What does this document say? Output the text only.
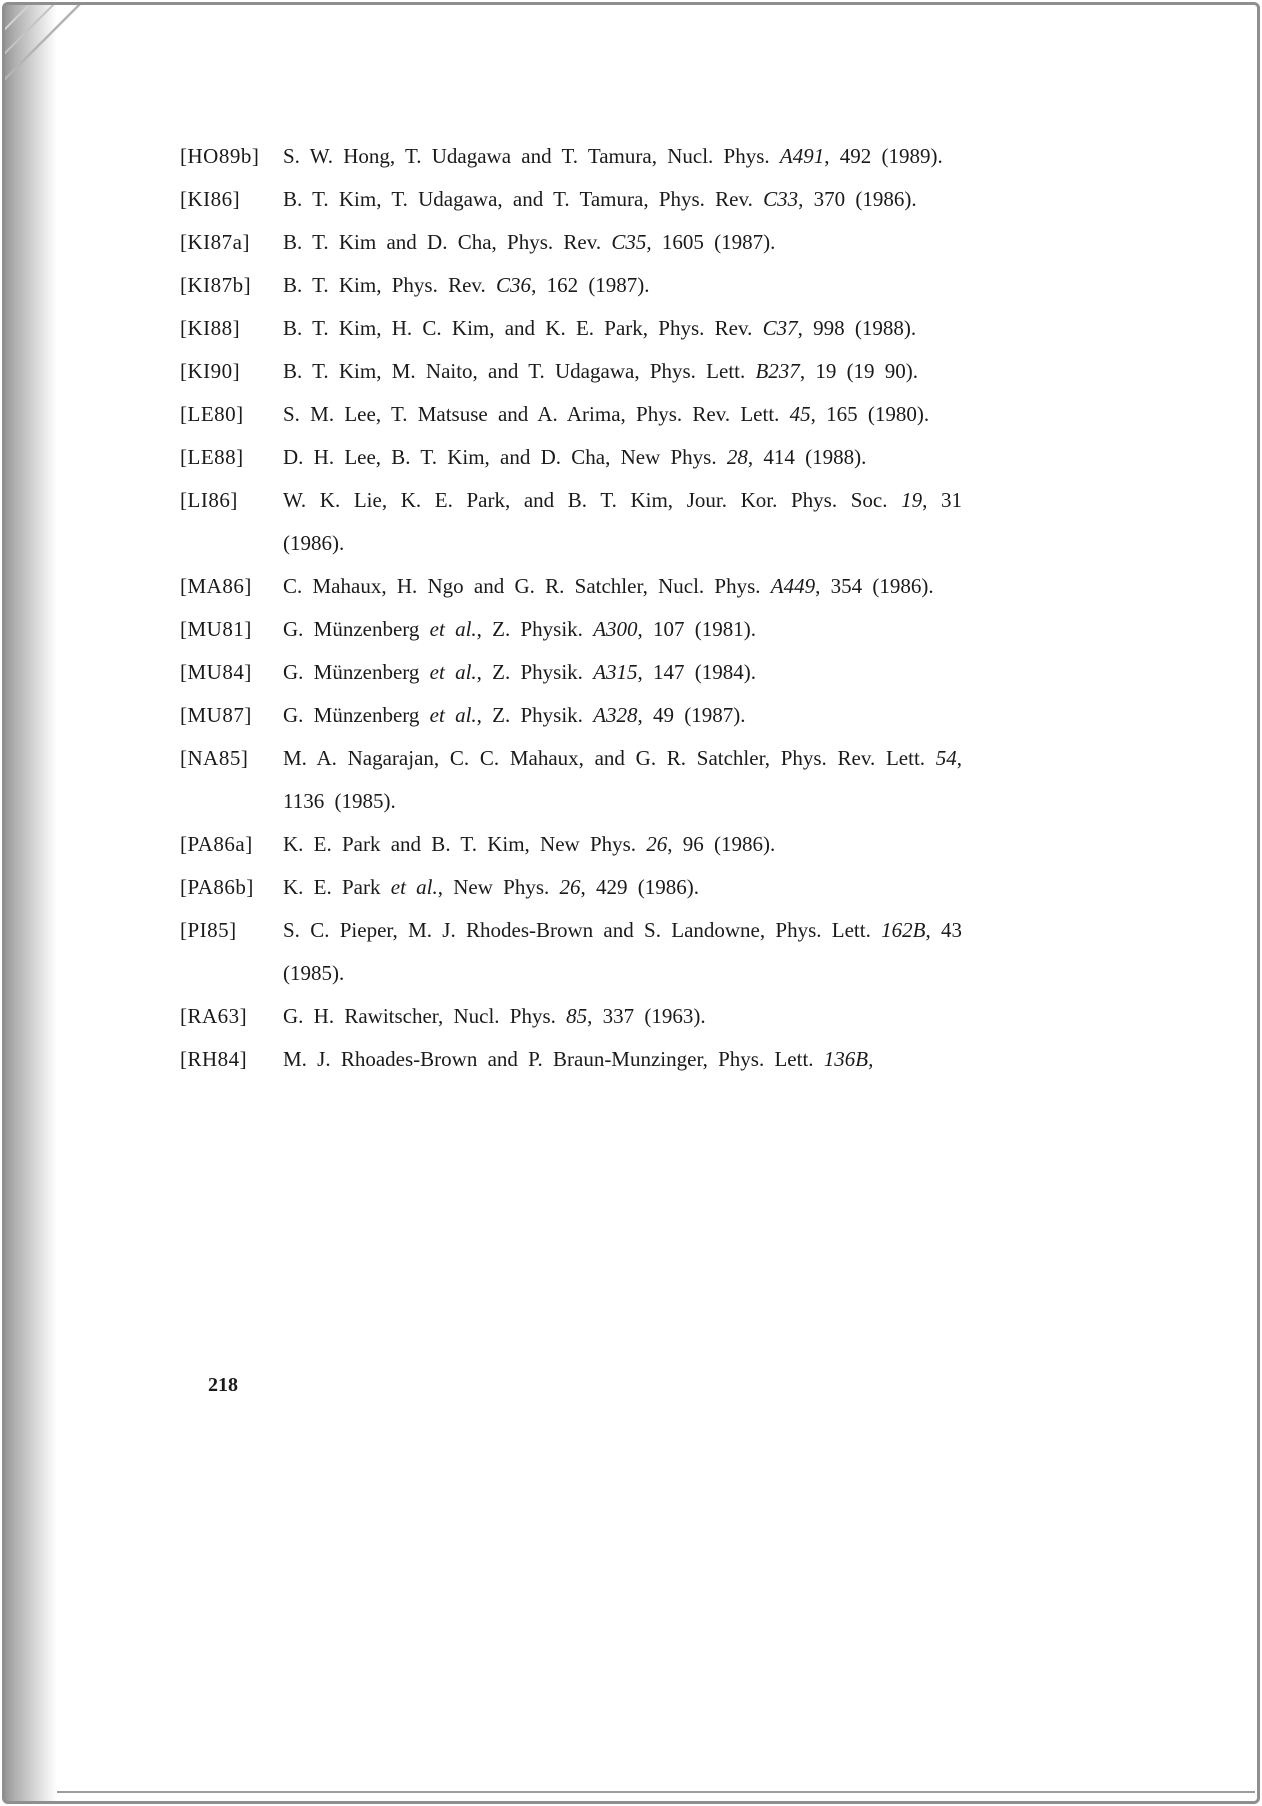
[HO89b]	S. W. Hong, T. Udagawa and T. Tamura, Nucl. Phys. A491, 492 (1989).
[KI86]	B. T. Kim, T. Udagawa, and T. Tamura, Phys. Rev. C33, 370 (1986).
[KI87a]	B. T. Kim and D. Cha, Phys. Rev. C35, 1605 (1987).
[KI87b]	B. T. Kim, Phys. Rev. C36, 162 (1987).
[KI88]	B. T. Kim, H. C. Kim, and K. E. Park, Phys. Rev. C37, 998 (1988).
[KI90]	B. T. Kim, M. Naito, and T. Udagawa, Phys. Lett. B237, 19 (19 90).
[LE80]	S. M. Lee, T. Matsuse and A. Arima, Phys. Rev. Lett. 45, 165 (1980).
[LE88]	D. H. Lee, B. T. Kim, and D. Cha, New Phys. 28, 414 (1988).
[LI86]	W. K. Lie, K. E. Park, and B. T. Kim, Jour. Kor. Phys. Soc. 19, 31 (1986).
[MA86]	C. Mahaux, H. Ngo and G. R. Satchler, Nucl. Phys. A449, 354 (1986).
[MU81]	G. Münzenberg et al., Z. Physik. A300, 107 (1981).
[MU84]	G. Münzenberg et al., Z. Physik. A315, 147 (1984).
[MU87]	G. Münzenberg et al., Z. Physik. A328, 49 (1987).
[NA85]	M. A. Nagarajan, C. C. Mahaux, and G. R. Satchler, Phys. Rev. Lett. 54, 1136 (1985).
[PA86a]	K. E. Park and B. T. Kim, New Phys. 26, 96 (1986).
[PA86b]	K. E. Park et al., New Phys. 26, 429 (1986).
[PI85]	S. C. Pieper, M. J. Rhodes-Brown and S. Landowne, Phys. Lett. 162B, 43 (1985).
[RA63]	G. H. Rawitscher, Nucl. Phys. 85, 337 (1963).
[RH84]	M. J. Rhoades-Brown and P. Braun-Munzinger, Phys. Lett. 136B,
218
